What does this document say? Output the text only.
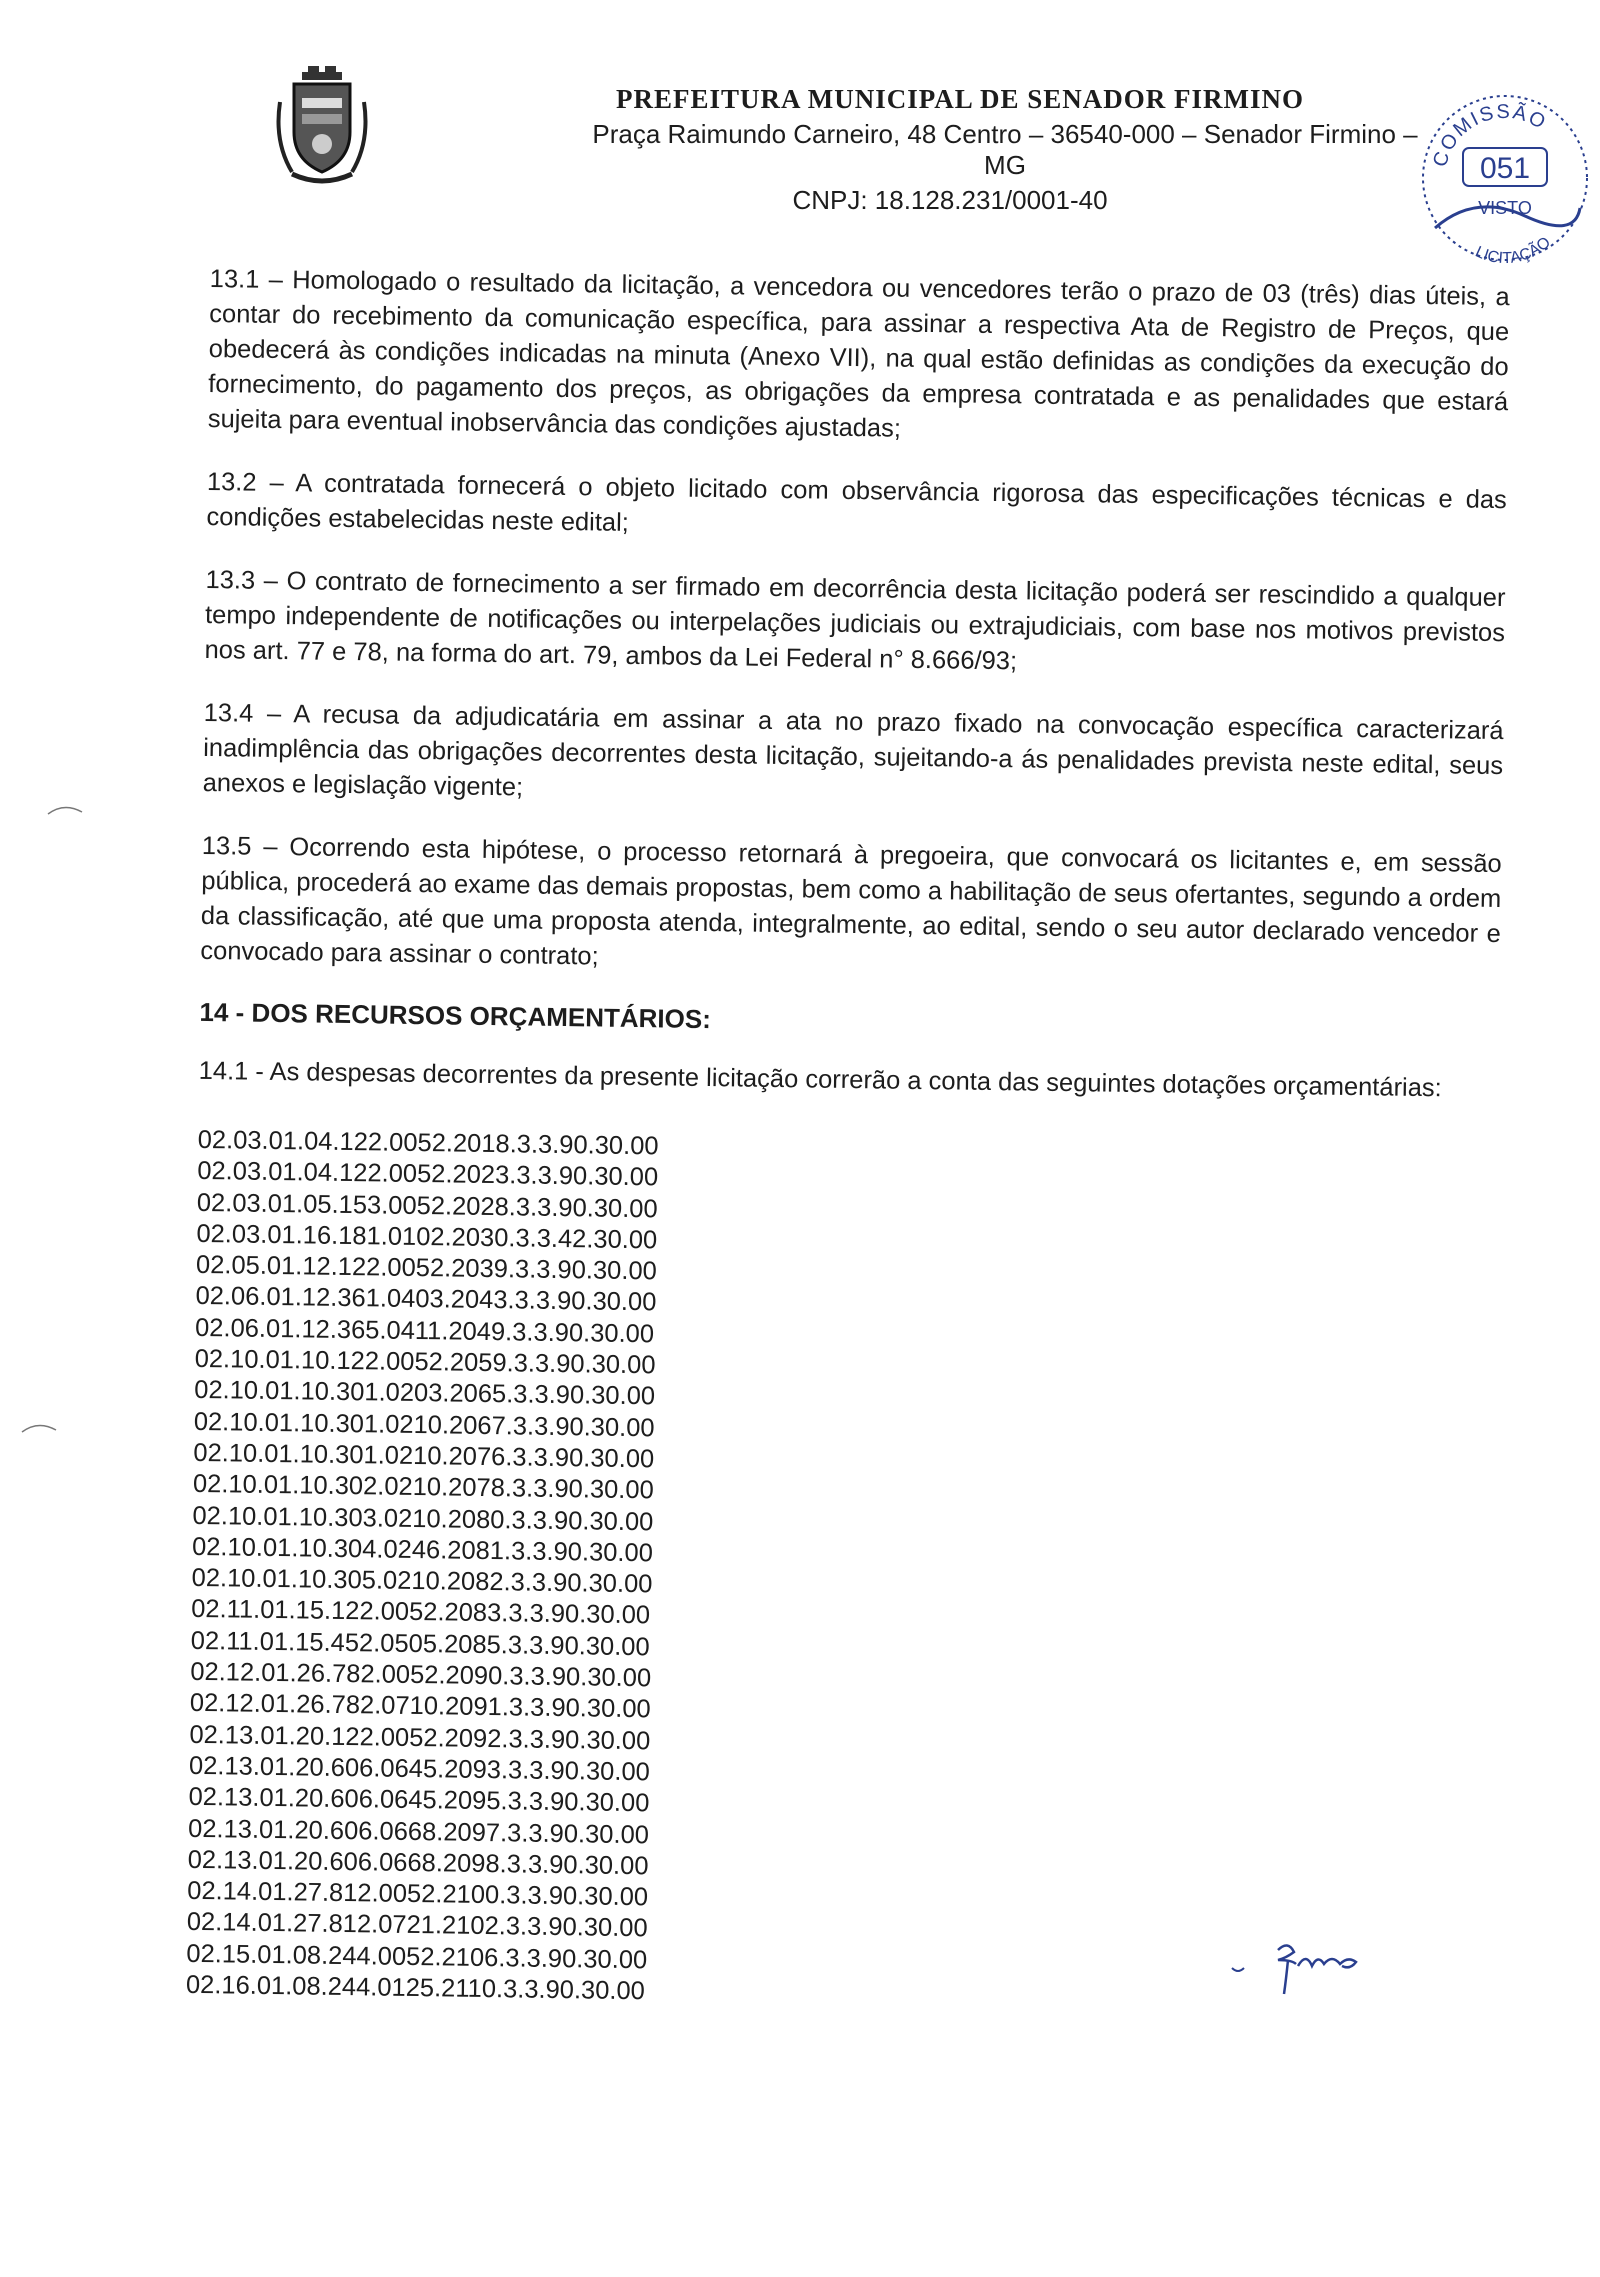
PREFEITURA MUNICIPAL DE SENADOR FIRMINO
Praça Raimundo Carneiro, 48 Centro – 36540-000 – Senador Firmino – MG
CNPJ: 18.128.231/0001-40
COMISSÃO
051
VISTO
LICITAÇÃO

13.1 – Homologado o resultado da licitação, a vencedora ou vencedores terão o prazo de 03 (três) dias úteis, a contar do recebimento da comunicação específica, para assinar a respectiva Ata de Registro de Preços, que obedecerá às condições indicadas na minuta (Anexo VII), na qual estão definidas as condições da execução do fornecimento, do pagamento dos preços, as obrigações da empresa contratada e as penalidades que estará sujeita para eventual inobservância das condições ajustadas;

13.2 – A contratada fornecerá o objeto licitado com observância rigorosa das especificações técnicas e das condições estabelecidas neste edital;

13.3 – O contrato de fornecimento a ser firmado em decorrência desta licitação poderá ser rescindido a qualquer tempo independente de notificações ou interpelações judiciais ou extrajudiciais, com base nos motivos previstos nos art. 77 e 78, na forma do art. 79, ambos da Lei Federal n° 8.666/93;

13.4 – A recusa da adjudicatária em assinar a ata no prazo fixado na convocação específica caracterizará inadimplência das obrigações decorrentes desta licitação, sujeitando-a ás penalidades prevista neste edital, seus anexos e legislação vigente;

13.5 – Ocorrendo esta hipótese, o processo retornará à pregoeira, que convocará os licitantes e, em sessão pública, procederá ao exame das demais propostas, bem como a habilitação de seus ofertantes, segundo a ordem da classificação, até que uma proposta atenda, integralmente, ao edital, sendo o seu autor declarado vencedor e convocado para assinar o contrato;

14 - DOS RECURSOS ORÇAMENTÁRIOS:

14.1 - As despesas decorrentes da presente licitação correrão a conta das seguintes dotações orçamentárias:

02.03.01.04.122.0052.2018.3.3.90.30.00
02.03.01.04.122.0052.2023.3.3.90.30.00
02.03.01.05.153.0052.2028.3.3.90.30.00
02.03.01.16.181.0102.2030.3.3.42.30.00
02.05.01.12.122.0052.2039.3.3.90.30.00
02.06.01.12.361.0403.2043.3.3.90.30.00
02.06.01.12.365.0411.2049.3.3.90.30.00
02.10.01.10.122.0052.2059.3.3.90.30.00
02.10.01.10.301.0203.2065.3.3.90.30.00
02.10.01.10.301.0210.2067.3.3.90.30.00
02.10.01.10.301.0210.2076.3.3.90.30.00
02.10.01.10.302.0210.2078.3.3.90.30.00
02.10.01.10.303.0210.2080.3.3.90.30.00
02.10.01.10.304.0246.2081.3.3.90.30.00
02.10.01.10.305.0210.2082.3.3.90.30.00
02.11.01.15.122.0052.2083.3.3.90.30.00
02.11.01.15.452.0505.2085.3.3.90.30.00
02.12.01.26.782.0052.2090.3.3.90.30.00
02.12.01.26.782.0710.2091.3.3.90.30.00
02.13.01.20.122.0052.2092.3.3.90.30.00
02.13.01.20.606.0645.2093.3.3.90.30.00
02.13.01.20.606.0645.2095.3.3.90.30.00
02.13.01.20.606.0668.2097.3.3.90.30.00
02.13.01.20.606.0668.2098.3.3.90.30.00
02.14.01.27.812.0052.2100.3.3.90.30.00
02.14.01.27.812.0721.2102.3.3.90.30.00
02.15.01.08.244.0052.2106.3.3.90.30.00
02.16.01.08.244.0125.2110.3.3.90.30.00
